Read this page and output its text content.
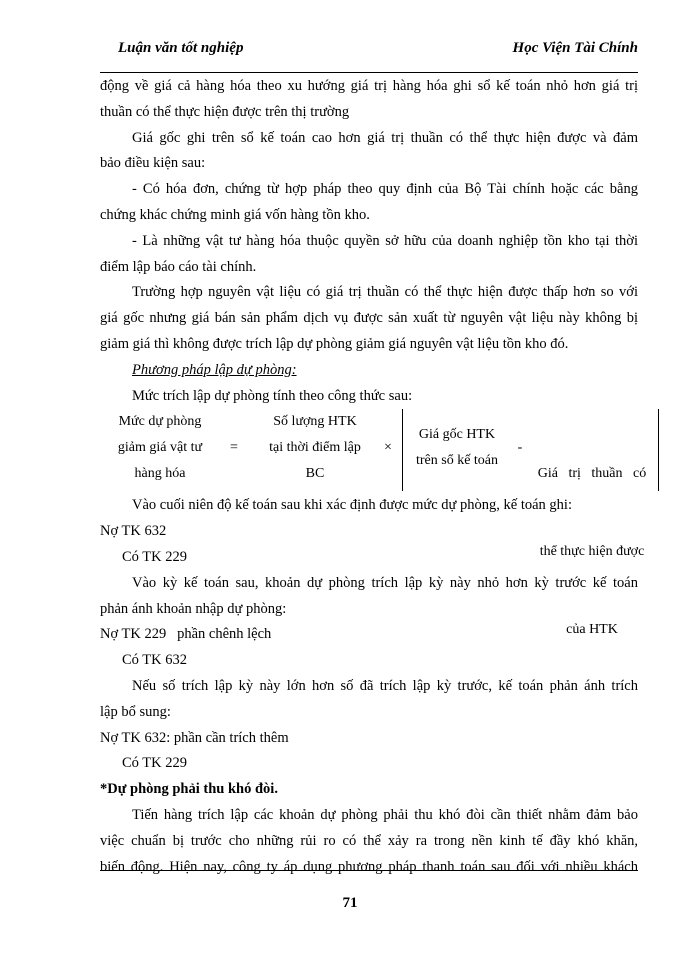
Luận văn tốt nghiệp	Học Viện Tài Chính
động về giá cả hàng hóa theo xu hướng giá trị hàng hóa ghi sổ kế toán nhỏ hơn giá trị
thuần có thể thực hiện được trên thị trường
Giá gốc ghi trên sổ kế toán cao hơn giá trị thuần có thể thực hiện được và đảm
bảo điều kiện sau:
- Có hóa đơn, chứng từ hợp pháp theo quy định của Bộ Tài chính hoặc các bằng
chứng khác chứng minh giá vốn hàng tồn kho.
- Là những vật tư hàng hóa thuộc quyền sở hữu của doanh nghiệp tồn kho tại thời
điểm lập báo cáo tài chính.
Trường hợp nguyên vật liệu có giá trị thuần có thể thực hiện được thấp hơn so với
giá gốc nhưng giá bán sản phẩm dịch vụ được sản xuất từ nguyên vật liệu này không bị
giảm giá thì không được trích lập dự phòng giảm giá nguyên vật liệu tồn kho đó.
Phương pháp lập dự phòng:
Mức trích lập dự phòng tính theo công thức sau:
Mức dự phòng
giảm giá vật tư
hàng hóa
=
Số lượng HTK
tại thời điểm lập
BC
×
Giá gốc HTK
trên sổ kế toán
-

Giá   trị   thuần   có

thể thực hiện được

của HTK

Vào cuối niên độ kế toán sau khi xác định được mức dự phòng, kế toán ghi:
Nợ TK 632
Có TK 229
Vào kỳ kế toán sau, khoản dự phòng trích lập kỳ này nhỏ hơn kỳ trước kế toán
phản ánh khoản nhập dự phòng:
Nợ TK 229   phần chênh lệch
Có TK 632
Nếu số trích lập kỳ này lớn hơn số đã trích lập kỳ trước, kế toán phản ánh trích
lập bổ sung:
Nợ TK 632: phần cần trích thêm
Có TK 229
*Dự phòng phải thu khó đòi.
Tiến hàng trích lập các khoản dự phòng phải thu khó đòi cần thiết nhằm đảm bảo
việc chuẩn bị trước cho những rủi ro có thể xảy ra trong nền kinh tế đầy khó khăn,
biến động. Hiện nay, công ty áp dụng phương pháp thanh toán sau đối với nhiều khách
71
